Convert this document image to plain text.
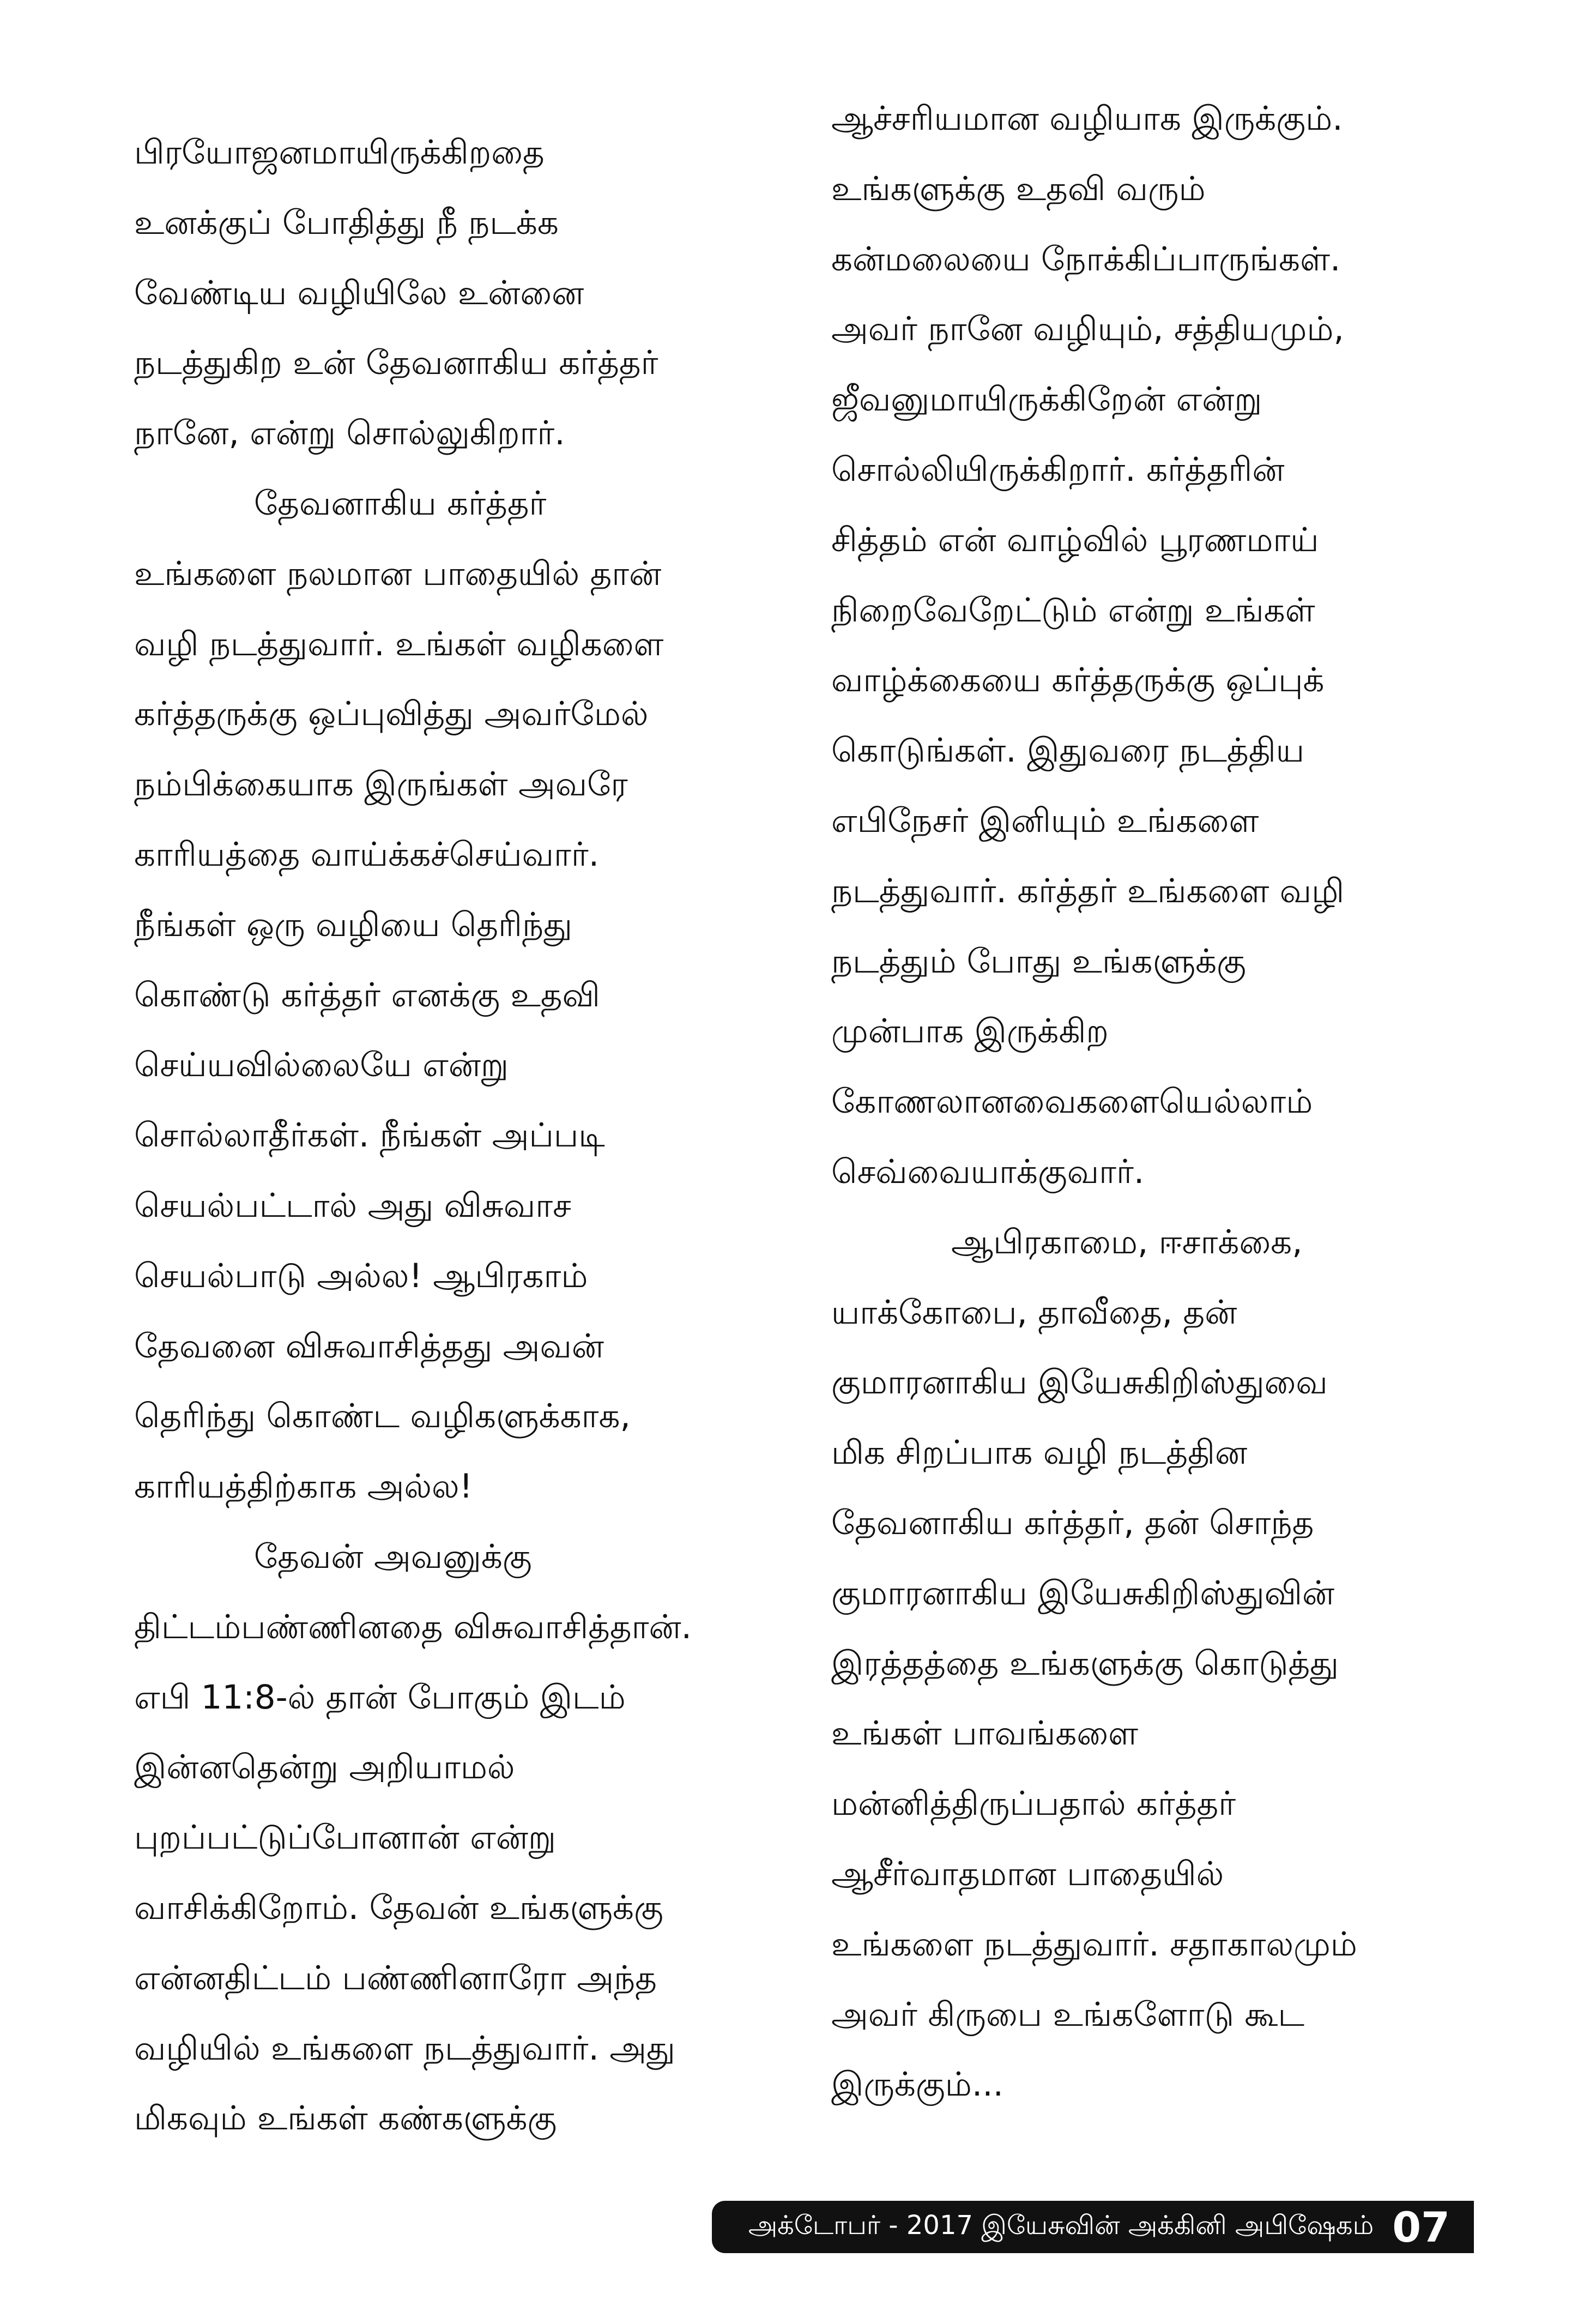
பிரயோஜனமாயிருக்கிறதை
உனக்குப் போதித்து நீ நடக்க
வேண்டிய வழியிலே உன்னை
நடத்துகிற உன் தேவனாகிய கர்த்தர்
நானே, என்று சொல்லுகிறார்.
தேவனாகிய கர்த்தர்
உங்களை நலமான பாதையில் தான்
வழி நடத்துவார். உங்கள் வழிகளை
கர்த்தருக்கு ஒப்புவித்து அவர்மேல்
நம்பிக்கையாக இருங்கள் அவரே
காரியத்தை வாய்க்கச்செய்வார்.
நீங்கள் ஒரு வழியை தெரிந்து
கொண்டு கர்த்தர் எனக்கு உதவி
செய்யவில்லையே என்று
சொல்லாதீர்கள். நீங்கள் அப்படி
செயல்பட்டால் அது விசுவாச
செயல்பாடு அல்ல! ஆபிரகாம்
தேவனை விசுவாசித்தது அவன்
தெரிந்து கொண்ட வழிகளுக்காக,
காரியத்திற்காக அல்ல!
தேவன் அவனுக்கு
திட்டம்பண்ணினதை விசுவாசித்தான்.
எபி 11:8-ல் தான் போகும் இடம்
இன்னதென்று அறியாமல்
புறப்பட்டுப்போனான் என்று
வாசிக்கிறோம். தேவன் உங்களுக்கு
என்னதிட்டம் பண்ணினாரோ அந்த
வழியில் உங்களை நடத்துவார். அது
மிகவும் உங்கள் கண்களுக்கு
ஆச்சரியமான வழியாக இருக்கும்.
உங்களுக்கு உதவி வரும்
கன்மலையை நோக்கிப்பாருங்கள்.
அவர் நானே வழியும், சத்தியமும்,
ஜீவனுமாயிருக்கிறேன் என்று
சொல்லியிருக்கிறார். கர்த்தரின்
சித்தம் என் வாழ்வில் பூரணமாய்
நிறைவேறேட்டும் என்று உங்கள்
வாழ்க்கையை கர்த்தருக்கு ஒப்புக்
கொடுங்கள். இதுவரை நடத்திய
எபிநேசர் இனியும் உங்களை
நடத்துவார். கர்த்தர் உங்களை வழி
நடத்தும் போது உங்களுக்கு
முன்பாக இருக்கிற
கோணலானவைகளையெல்லாம்
செவ்வையாக்குவார்.
ஆபிரகாமை, ஈசாக்கை,
யாக்கோபை, தாவீதை, தன்
குமாரனாகிய இயேசுகிறிஸ்துவை
மிக சிறப்பாக வழி நடத்தின
தேவனாகிய கர்த்தர், தன் சொந்த
குமாரனாகிய இயேசுகிறிஸ்துவின்
இரத்தத்தை உங்களுக்கு கொடுத்து
உங்கள் பாவங்களை
மன்னித்திருப்பதால் கர்த்தர்
ஆசீர்வாதமான பாதையில்
உங்களை நடத்துவார். சதாகாலமும்
அவர் கிருபை உங்களோடு கூட
இருக்கும்...
அக்டோபர் - 2017 இயேசுவின் அக்கினி அபிஷேகம் 07
